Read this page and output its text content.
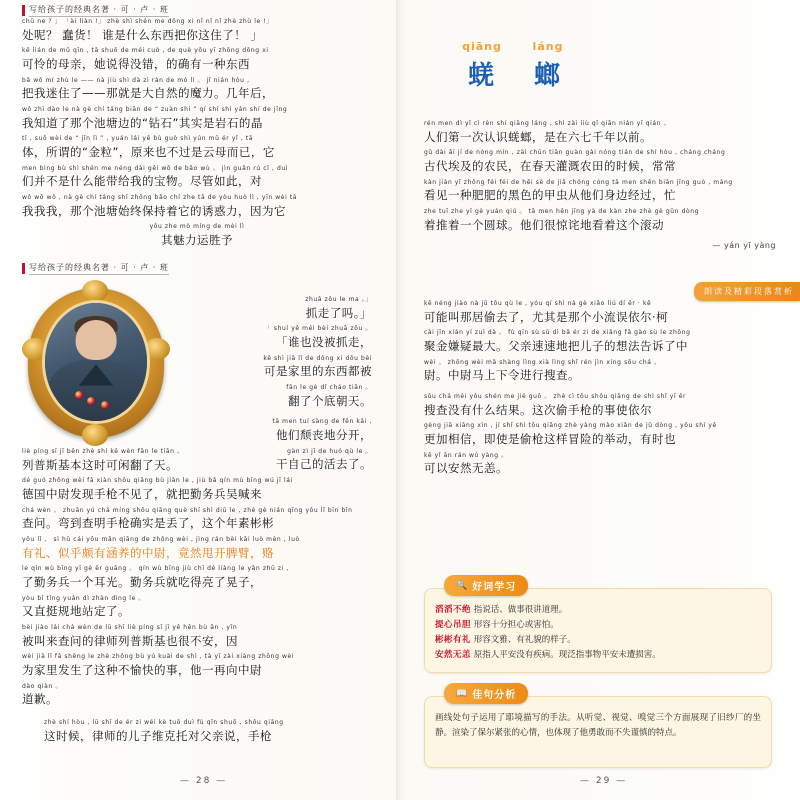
写给孩子的经典名著 · 可 · 卢 · 班
chǔ ne ? 」 「ài liàn !」 zhè shì shén me dōng xi nǐ nǐ nǐ zhè zhù le !」
处呢？ 蠢货！ 谁是什么东西把你这住了！ 」
kě lián de mǔ qīn , tā shuō de méi cuò , de què yǒu yī zhǒng dōng xi
可怜的母亲，她说得没错，的确有一种东西
bǎ wǒ mí zhù le —— nà jiù shì dà zì rán de mó lì 。 jǐ nián hòu ,
把我迷住了——那就是大自然的魔力。几年后，
wǒ zhī dào le nà gè chí táng biān de “ zuàn shí ” qí shí shì yán shí de jīng
我知道了那个池塘边的“钻石”其实是岩石的晶
tǐ , suǒ wèi de “ jīn lì ” , yuán lái yě bù guò shì yún mǔ ér yǐ , tā
体，所谓的“金粒”，原来也不过是云母而已，它
men bìng bù shì shén me néng dài gěi wǒ de bǎo wù 。 jìn guǎn rú cǐ , duì
们并不是什么能带给我的宝物。尽管如此，对
wǒ wǒ wǒ , nà gè chí táng shǐ zhōng bǎo chí zhe tā de yòu huò lì , yīn wèi tā
我我我，那个池塘始终保持着它的诱惑力，因为它
yǒu zhe mò míng de mèi lì
其魅力运胜予
写给孩子的经典名著 · 可 · 卢 · 班
zhuā zǒu le ma 。」
抓走了吗。」
「 shuí yě méi bèi zhuā zǒu 。
「谁也没被抓走，
kě shì jiā lǐ de dōng xi dōu bèi
可是家里的东西都被
fān le gè dǐ cháo tiān 。
翻了个底朝天。
tā men tuí sàng de fēn kāi ,
他们颓丧地分开，
gàn zì jǐ de huó qù le 。
干自己的活去了。
liè píng sī jī běn zhè shí kě wèn fān le tiān 。
列普斯基本这时可闲翻了天。
dé guó zhōng wèi fā xiàn shǒu qiāng bù jiàn le , jiù bǎ qín mù bīng wú jī lái
德国中尉发现手枪不见了，就把勤务兵吴喊来
chá wèn 。 zhuān yú chá míng shǒu qiāng què shí shì diū le , zhè gè nián qīng yǒu lǐ bīn bīn
查问。弯到查明手枪确实是丢了，这个年素彬彬
yǒu lǐ 、 sì hū cái yǒu mǎn qiāng de zhōng wèi , jìng rán bèi kāi luò mèn , luò
有礼、似乎颇有涵养的中尉，竟然甩开脾臂，赂
le qín wù bīng yī gè ěr guāng 。 qín wù bīng jiù chī dé liàng le yǎn zhū zi ,
了勤务兵一个耳光。勤务兵就吃得亮了晃子，
yòu bǐ tǐng yuán dì zhàn dìng le 。
又直挺规地站定了。
bèi jiào lái chá wèn de lǜ shī liè píng sī jī yě hěn bù ān , yīn
被叫来查问的律师列普斯基也很不安，因
wèi jiā lǐ fā shēng le zhè zhǒng bù yú kuài de shì , tā yī zài xiàng zhōng wèi
为家里发生了这种不愉快的事，他一再向中尉
dào qiàn 。
道歉。
zhè shí hòu , lǜ shī de ér zi wéi kè tuō duì fù qīn shuō , shǒu qiāng
这时候，律师的儿子维克托对父亲说，手枪
— 28 —
qiāng
蜣
láng
螂
rén men dì yī cì rèn shí qiāng láng , shì zài liù qī qiān nián yǐ qián 。
人们第一次认识蜣螂，是在六七千年以前。
gǔ dài āi jí de nóng mín , zài chūn tiān guàn gài nóng tián de shí hòu , cháng cháng
古代埃及的农民，在春天灌溉农田的时候，常常
kàn jiàn yī zhǒng féi féi de hēi sè de jiǎ chóng cóng tā men shēn biān jīng guò , máng
看见一种肥肥的黑色的甲虫从他们身边经过，忙
zhe tuī zhe yī gè yuán qiú 。 tā men hěn jīng yà de kàn zhe zhè gè gǔn dòng
着推着一个圆球。他们很惊诧地看着这个滚动
— yán yī yàng
朗读及精彩段落赏析
kě néng jiào nà jū tōu qù le , yóu qí shì nà gè xiǎo liú dí ěr · kē
可能叫那居偷去了，尤其是那个小流误依尔·柯
cài jīn xián yí zuì dà 。 fù qīn sù sù dì bǎ ér zi de xiǎng fǎ gào sù le zhōng
聚金嫌疑最大。父亲速速地把儿子的想法告诉了中
wèi 。 zhōng wèi mǎ shàng lìng xià lìng shǐ rén jìn xíng sōu chá 。
尉。中尉马上下令进行搜查。
sōu chá méi yǒu shén me jié guǒ 。 zhè cì tōu shǒu qiāng de shì shǐ yī ěr
搜查没有什么结果。这次偷手枪的事使依尔
gèng jiā xiāng xìn , jí shǐ shì tōu qiāng zhè yàng mào xiǎn de jǔ dòng , yǒu shí yě
更加相信，即使是偷枪这样冒险的举动，有时也
kě yǐ ān rán wú yàng 。
可以安然无恙。
🔍 好词学习
滔滔不绝 指说话、做事很讲道理。
提心吊胆 形容十分担心或害怕。
彬彬有礼 形容文雅、有礼貌的样子。
安然无恙 原指人平安没有疾病。现泛指事物平安未遭损害。
📖 佳句分析
画线处句子运用了耶境描写的手法。从听觉、视觉、嗅觉三个方面展现了旧纱厂的坐静。渲染了保尔紧张的心情，也体现了他勇敢而不失谨慎的特点。
— 29 —
